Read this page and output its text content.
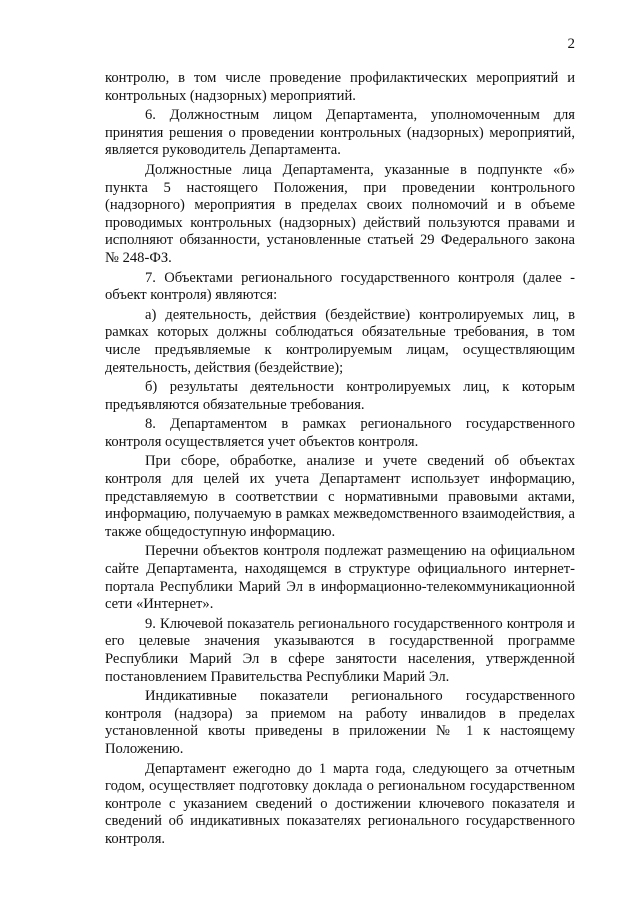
2

контролю, в том числе проведение профилактических мероприятий и контрольных (надзорных) мероприятий.

6. Должностным лицом Департамента, уполномоченным для принятия решения о проведении контрольных (надзорных) мероприятий, является руководитель Департамента.

Должностные лица Департамента, указанные в подпункте «б» пункта 5 настоящего Положения, при проведении контрольного (надзорного) мероприятия в пределах своих полномочий и в объеме проводимых контрольных (надзорных) действий пользуются правами и исполняют обязанности, установленные статьей 29 Федерального закона № 248-ФЗ.

7. Объектами регионального государственного контроля (далее - объект контроля) являются:

а) деятельность, действия (бездействие) контролируемых лиц, в рамках которых должны соблюдаться обязательные требования, в том числе предъявляемые к контролируемым лицам, осуществляющим деятельность, действия (бездействие);

б) результаты деятельности контролируемых лиц, к которым предъявляются обязательные требования.

8. Департаментом в рамках регионального государственного контроля осуществляется учет объектов контроля.

При сборе, обработке, анализе и учете сведений об объектах контроля для целей их учета Департамент использует информацию, представляемую в соответствии с нормативными правовыми актами, информацию, получаемую в рамках межведомственного взаимодействия, а также общедоступную информацию.

Перечни объектов контроля подлежат размещению на официальном сайте Департамента, находящемся в структуре официального интернет-портала Республики Марий Эл в информационно-телекоммуникационной сети «Интернет».

9. Ключевой показатель регионального государственного контроля и его целевые значения указываются в государственной программе Республики Марий Эл в сфере занятости населения, утвержденной постановлением Правительства Республики Марий Эл.

Индикативные показатели регионального государственного контроля (надзора) за приемом на работу инвалидов в пределах установленной квоты приведены в приложении № 1 к настоящему Положению.

Департамент ежегодно до 1 марта года, следующего за отчетным годом, осуществляет подготовку доклада о региональном государственном контроле с указанием сведений о достижении ключевого показателя и сведений об индикативных показателях регионального государственного контроля.
